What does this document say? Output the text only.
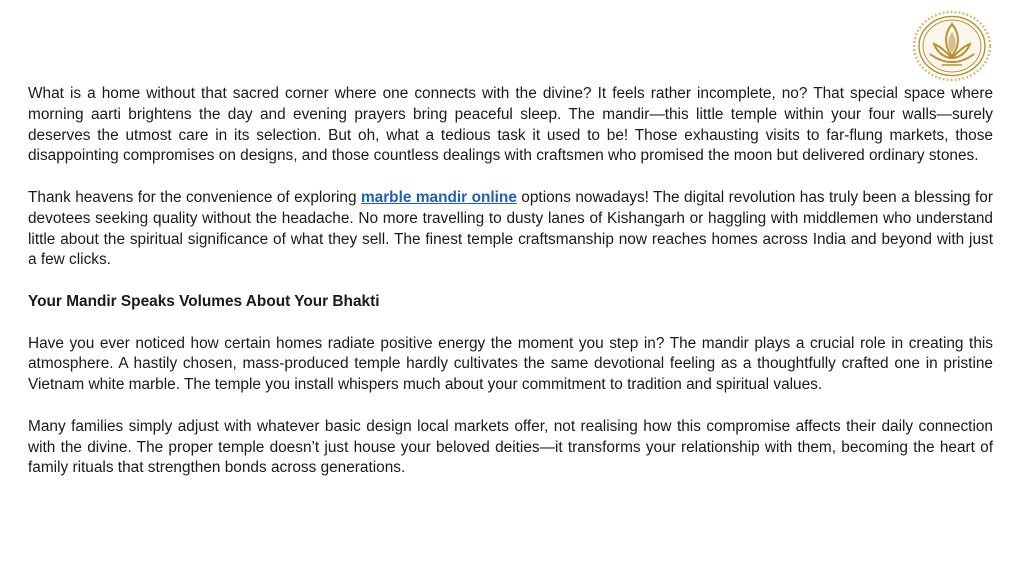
What is a home without that sacred corner where one connects with the divine? It feels rather incomplete, no? That special space where morning aarti brightens the day and evening prayers bring peaceful sleep. The mandir—this little temple within your four walls—surely deserves the utmost care in its selection. But oh, what a tedious task it used to be! Those exhausting visits to far-flung markets, those disappointing compromises on designs, and those countless dealings with craftsmen who promised the moon but delivered ordinary stones.

Thank heavens for the convenience of exploring marble mandir online options nowadays! The digital revolution has truly been a blessing for devotees seeking quality without the headache. No more travelling to dusty lanes of Kishangarh or haggling with middlemen who understand little about the spiritual significance of what they sell. The finest temple craftsmanship now reaches homes across India and beyond with just a few clicks.

Your Mandir Speaks Volumes About Your Bhakti

Have you ever noticed how certain homes radiate positive energy the moment you step in? The mandir plays a crucial role in creating this atmosphere. A hastily chosen, mass-produced temple hardly cultivates the same devotional feeling as a thoughtfully crafted one in pristine Vietnam white marble. The temple you install whispers much about your commitment to tradition and spiritual values.

Many families simply adjust with whatever basic design local markets offer, not realising how this compromise affects their daily connection with the divine. The proper temple doesn’t just house your beloved deities—it transforms your relationship with them, becoming the heart of family rituals that strengthen bonds across generations.
